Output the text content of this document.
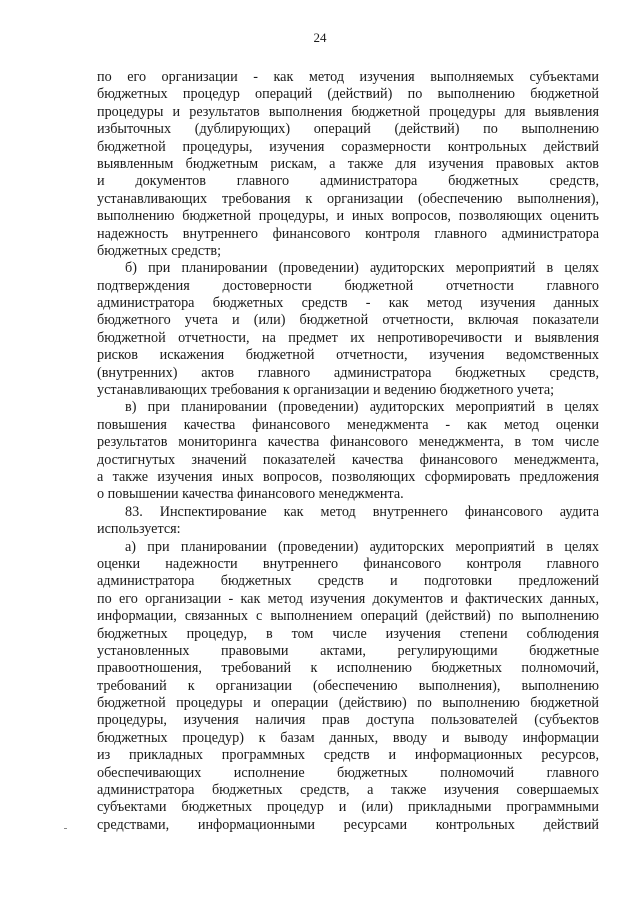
24
по его организации - как метод изучения выполняемых субъектами
бюджетных процедур операций (действий) по выполнению бюджетной
процедуры и результатов выполнения бюджетной процедуры для выявления
избыточных (дублирующих) операций (действий) по выполнению
бюджетной процедуры, изучения соразмерности контрольных действий
выявленным бюджетным рискам, а также для изучения правовых актов
и документов главного администратора бюджетных средств,
устанавливающих требования к организации (обеспечению выполнения),
выполнению бюджетной процедуры, и иных вопросов, позволяющих оценить
надежность внутреннего финансового контроля главного администратора
бюджетных средств;
б) при планировании (проведении) аудиторских мероприятий в целях
подтверждения достоверности бюджетной отчетности главного
администратора бюджетных средств - как метод изучения данных
бюджетного учета и (или) бюджетной отчетности, включая показатели
бюджетной отчетности, на предмет их непротиворечивости и выявления
рисков искажения бюджетной отчетности, изучения ведомственных
(внутренних) актов главного администратора бюджетных средств,
устанавливающих требования к организации и ведению бюджетного учета;
в) при планировании (проведении) аудиторских мероприятий в целях
повышения качества финансового менеджмента - как метод оценки
результатов мониторинга качества финансового менеджмента, в том числе
достигнутых значений показателей качества финансового менеджмента,
а также изучения иных вопросов, позволяющих сформировать предложения
о повышении качества финансового менеджмента.
83. Инспектирование как метод внутреннего финансового аудита
используется:
а) при планировании (проведении) аудиторских мероприятий в целях
оценки надежности внутреннего финансового контроля главного
администратора бюджетных средств и подготовки предложений
по его организации - как метод изучения документов и фактических данных,
информации, связанных с выполнением операций (действий) по выполнению
бюджетных процедур, в том числе изучения степени соблюдения
установленных правовыми актами, регулирующими бюджетные
правоотношения, требований к исполнению бюджетных полномочий,
требований к организации (обеспечению выполнения), выполнению
бюджетной процедуры и операции (действию) по выполнению бюджетной
процедуры, изучения наличия прав доступа пользователей (субъектов
бюджетных процедур) к базам данных, вводу и выводу информации
из прикладных программных средств и информационных ресурсов,
обеспечивающих исполнение бюджетных полномочий главного
администратора бюджетных средств, а также изучения совершаемых
субъектами бюджетных процедур и (или) прикладными программными
средствами, информационными ресурсами контрольных действий
